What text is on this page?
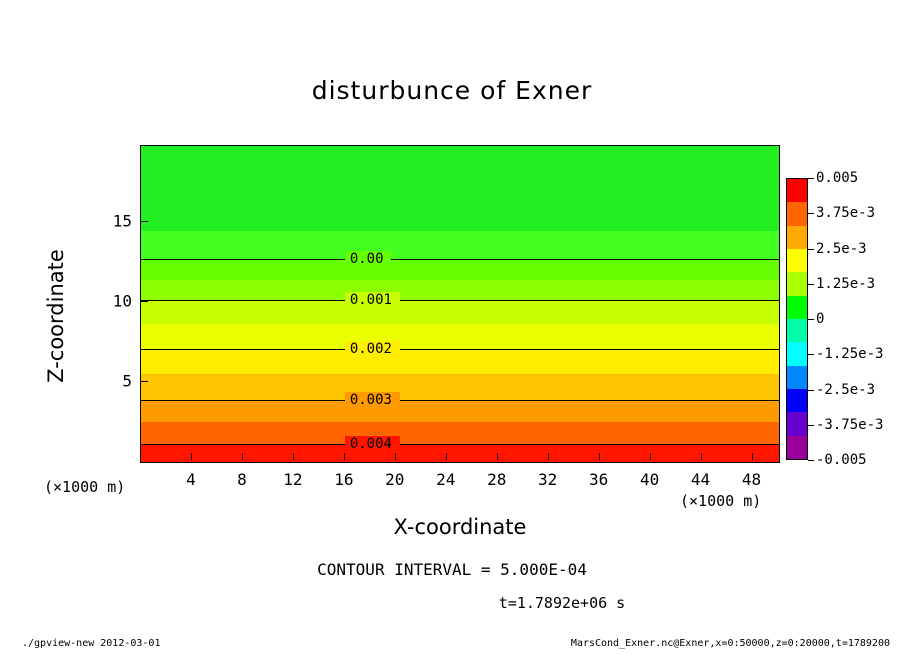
disturbunce of Exner
0.00
0.001
0.002
0.003
0.004
15
10
5
Z-coordinate
4	8	12	16	20	24	28	32	36	40	44	48
X-coordinate
(×1000 m)
(×1000 m)
0.005
3.75e-3
2.5e-3
1.25e-3
0
-1.25e-3
-2.5e-3
-3.75e-3
-0.005
CONTOUR INTERVAL = 5.000E-04
t=1.7892e+06 s
./gpview-new 2012-03-01	MarsCond_Exner.nc@Exner,x=0:50000,z=0:20000,t=1789200
